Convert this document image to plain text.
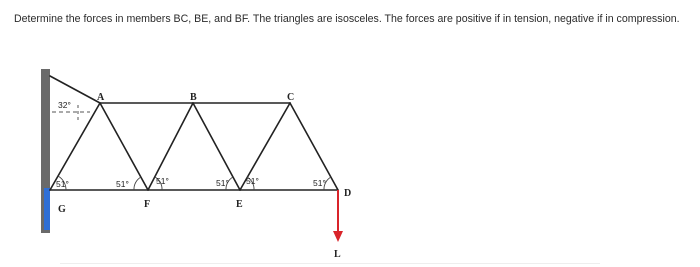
Determine the forces in members BC, BE, and BF. The triangles are isosceles. The forces are positive if in tension, negative if in compression.

A	B	C
D
E
F
G
L
32°
51°	51°	51°	51° 51°	51°
